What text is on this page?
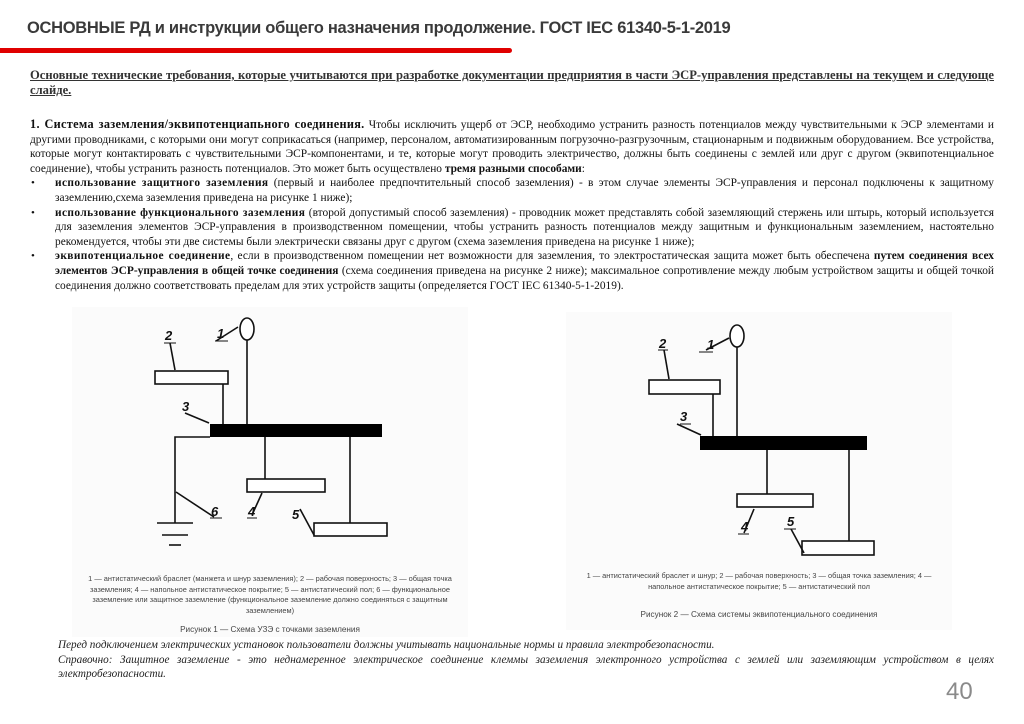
ОСНОВНЫЕ РД и инструкции общего назначения продолжение. ГОСТ IEC 61340-5-1-2019
Основные технические требования, которые учитываются при разработке документации предприятия в части ЭСР-управления представлены на текущем и следующе слайде.

1. Система заземления/эквипотенциапьного соединения. Чтобы исключить ущерб от ЭСР, необходимо устранить разность потенциалов между чувствительными к ЭСР элементами и другими проводниками, с которыми они могут соприкасаться (например, персоналом, автоматизированным погрузочно-разгрузочным, стационарным и подвижным оборудованием. Все устройства, которые могут контактировать с чувствительными ЭСР-компонентами, и те, которые могут проводить электричество, должны быть соединены с землей или друг с другом (эквипотенциальное соединение), чтобы устранить разность потенциалов. Это может быть осуществлено тремя разными способами:

• использование защитного заземления (первый и наиболее предпочтительный способ заземления) - в этом случае элементы ЭСР-управления и персонал подключены к защитному заземлению,схема заземления приведена на рисунке 1 ниже);
• использование функционального заземления (второй допустимый способ заземления) - проводник может представлять собой заземляющий стержень или штырь, который используется для заземления элементов ЭСР-управления в производственном помещении, чтобы устранить разность потенциалов между защитным и функциональным заземлением, настоятельно рекомендуется, чтобы эти две системы были электрически связаны друг с другом (схема заземления приведена на рисунке 1 ниже);
• эквипотенциальное соединение, если в производственном помещении нет возможности для заземления, то электростатическая защита может быть обеспечена путем соединения всех элементов ЭСР-управления в общей точке соединения (схема соединения приведена на рисунке 2 ниже); максимальное сопротивление между любым устройством защиты и общей точкой соединения должно соответствовать пределам для этих устройств защиты (определяется ГОСТ IEC 61340-5-1-2019).
1
2
3
4	5
6
1 — антистатический браслет (манжета и шнур заземления); 2 — рабочая поверхность; 3 — общая точка заземления; 4 — напольное антистатическое покрытие; 5 — антистатический пол; 6 — функциональное заземление или защитное заземление (функциональное заземление должно соединяться с защитным заземлением)
Рисунок 1 — Схема УЗЭ с точками заземления
1
2
3
4	5
1 — антистатический браслет и шнур; 2 — рабочая поверхность; 3 — общая точка заземления; 4 — напольное антистатическое покрытие; 5 — антистатический пол
Рисунок 2 — Схема системы эквипотенциального соединения

Перед подключением электрических установок пользователи должны учитывать национальные нормы и правила электробезопасности.

Справочно: Защитное заземление - это неднамеренное электрическое соединение клеммы заземления электронного устройства с землей или заземляющим устройством в целях электробезопасности.

40
